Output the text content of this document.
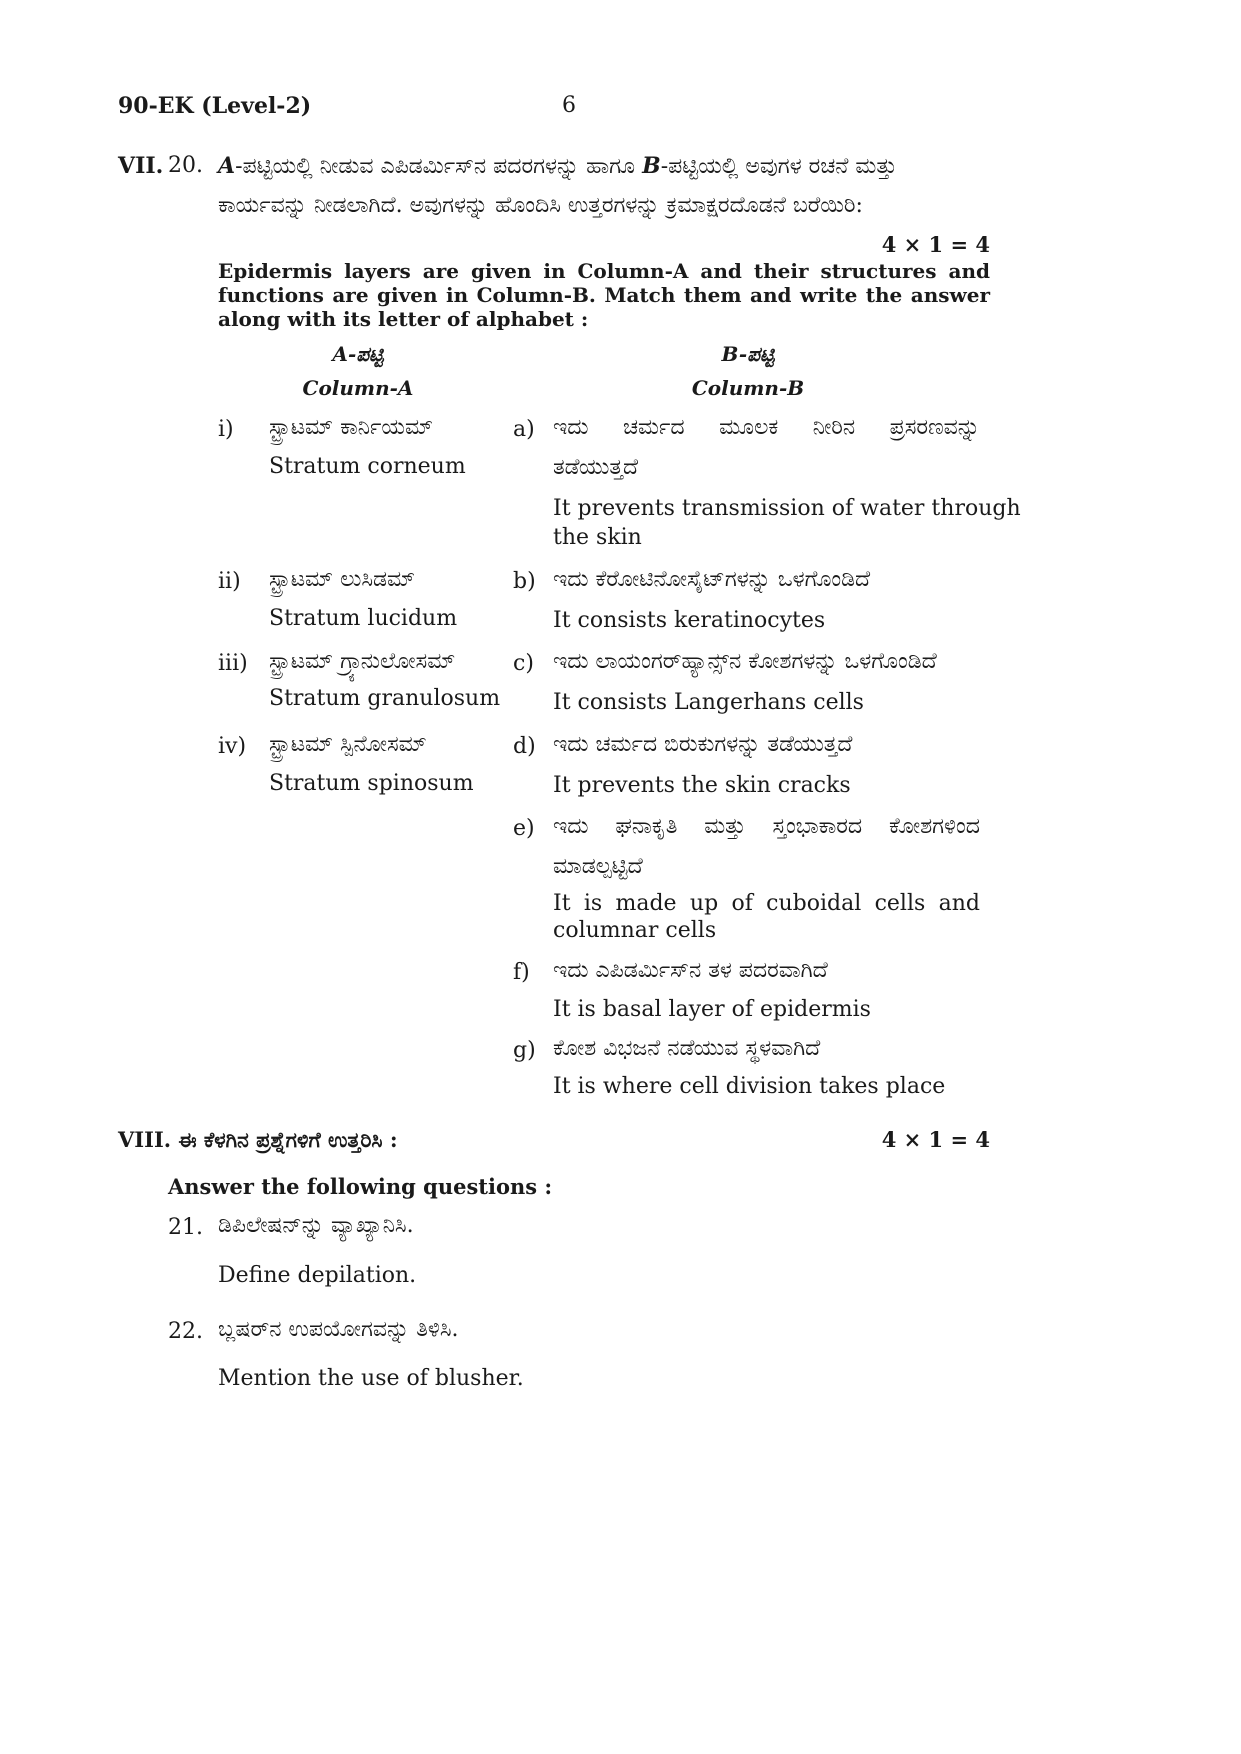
90-EK (Level-2)	6
VII. 20. A-ಪಟ್ಟಿಯಲ್ಲಿ ನೀಡುವ ಎಪಿಡರ್ಮಿಸ್‌ನ ಪದರಗಳನ್ನು ಹಾಗೂ B-ಪಟ್ಟಿಯಲ್ಲಿ ಅವುಗಳ ರಚನೆ ಮತ್ತು
ಕಾರ್ಯವನ್ನು ನೀಡಲಾಗಿದೆ. ಅವುಗಳನ್ನು ಹೊಂದಿಸಿ ಉತ್ತರಗಳನ್ನು ಕ್ರಮಾಕ್ಷರದೊಡನೆ ಬರೆಯಿರಿ:
4 × 1 = 4
Epidermis layers are given in Column-A and their structures and
functions are given in Column-B. Match them and write the answer
along with its letter of alphabet :
A-ಪಟ್ಟಿ
Column-A
B-ಪಟ್ಟಿ
Column-B
i) ಸ್ಟ್ರಾಟಮ್ ಕಾರ್ನಿಯಮ್
Stratum corneum
ii) ಸ್ಟ್ರಾಟಮ್ ಲುಸಿಡಮ್
Stratum lucidum
iii) ಸ್ಟ್ರಾಟಮ್ ಗ್ರ್ಯಾನುಲೋಸಮ್
Stratum granulosum
iv) ಸ್ಟ್ರಾಟಮ್ ಸ್ಪಿನೋಸಮ್
Stratum spinosum
a) ಇದು ಚರ್ಮದ ಮೂಲಕ ನೀರಿನ ಪ್ರಸರಣವನ್ನು
ತಡೆಯುತ್ತದೆ
It prevents transmission of water through
the skin
b) ಇದು ಕೆರೋಟಿನೋಸೈಟ್‌ಗಳನ್ನು ಒಳಗೊಂಡಿದೆ
It consists keratinocytes
c) ಇದು ಲಾಯಂಗರ್‌ಹ್ಯಾನ್ಸ್‌ನ ಕೋಶಗಳನ್ನು ಒಳಗೊಂಡಿದೆ
It consists Langerhans cells
d) ಇದು ಚರ್ಮದ ಬಿರುಕುಗಳನ್ನು ತಡೆಯುತ್ತದೆ
It prevents the skin cracks
e) ಇದು ಘನಾಕೃತಿ ಮತ್ತು ಸ್ತಂಭಾಕಾರದ ಕೋಶಗಳಿಂದ
ಮಾಡಲ್ಪಟ್ಟಿದೆ
It is made up of cuboidal cells and
columnar cells
f) ಇದು ಎಪಿಡರ್ಮಿಸ್‌ನ ತಳ ಪದರವಾಗಿದೆ
It is basal layer of epidermis
g) ಕೋಶ ವಿಭಜನೆ ನಡೆಯುವ ಸ್ಥಳವಾಗಿದೆ
It is where cell division takes place
VIII. ಈ ಕೆಳಗಿನ ಪ್ರಶ್ನೆಗಳಿಗೆ ಉತ್ತರಿಸಿ :	4 × 1 = 4
Answer the following questions :
21. ಡಿಪಿಲೇಷನ್‌ನ್ನು ವ್ಯಾಖ್ಯಾನಿಸಿ.
Define depilation.
22. ಬ್ಲಷರ್‌ನ ಉಪಯೋಗವನ್ನು ತಿಳಿಸಿ.
Mention the use of blusher.
